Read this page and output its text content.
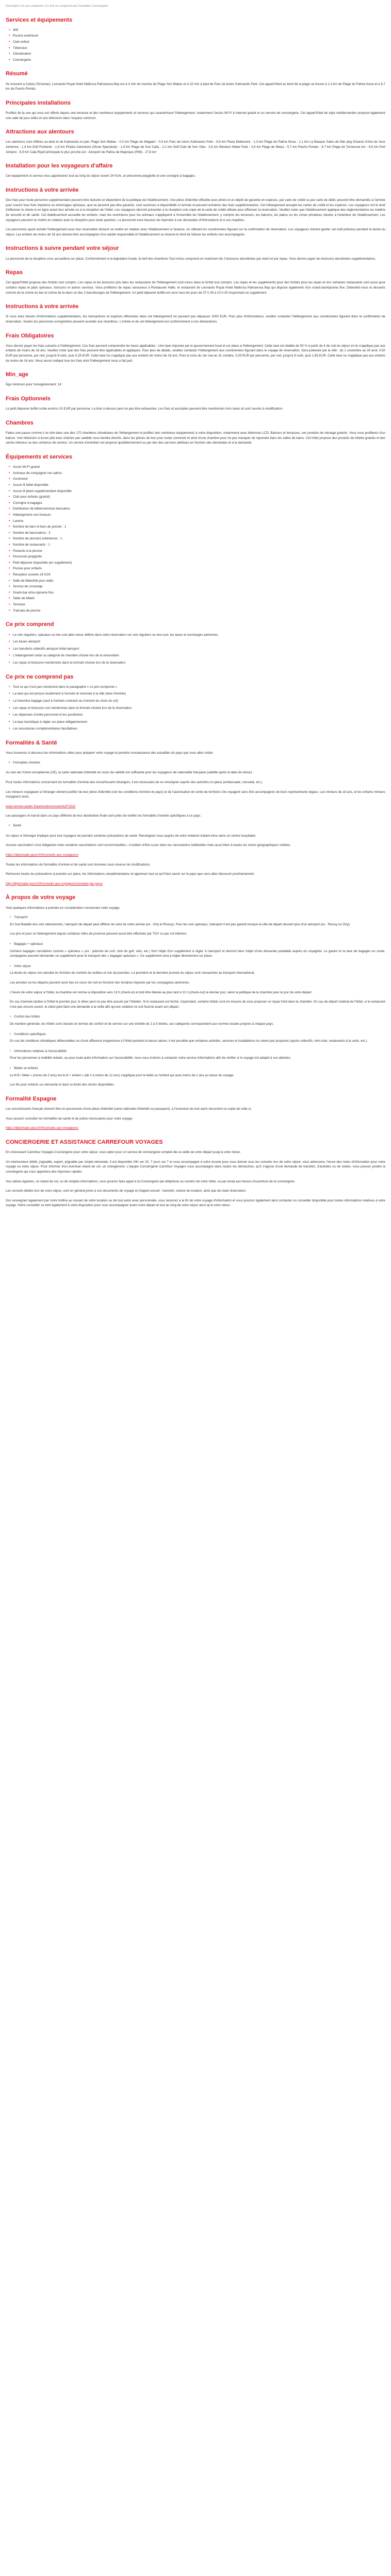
Description Ce prix comprend / Ce prix ne comprend pas Formalités Conciergerie
Services et équipements
• Wifi
• Piscine extérieure
• Club enfant
• Télévision
• Climatisation
• Conciergerie
Résumé

Se trouvant à Calvià (Terramar), Leonardo Royal Hotel Mallorca Palmanova Bay est à 3 min de marche de Plage Son Matias et à 15 min à pied de Parc de loisirs Katmandu Park. Cet appart'hôtel au bord de la plage se trouve à 1,3 km de Plage de Palma Nova et à 6,7 km de Puerto Portals.

Principales installations

Profitez de la vue qui vous est offerte depuis une terrasse et des nombreux équipements et services qui caractérisent l'hébergement, notamment l'accès Wi-Fi à Internet gratuit et un service de conciergerie. Cet appart'hôtel de style méditerranéen propose également une salle de jeux vidéo et une télévision dans l'espace commun.

Attractions aux alentours

Les alentours sont infiltrés au-delà et de Katmandu et parc Plage Son Matias - 0,2 km Plage de Magaluf - 0,4 km Parc de loisirs Katmandu Park - 0,8 km Plaza Mattessini - 1,3 km Plage de Palma Nova - 1,1 km La Bauque Sales de Mar play Estació d'Aire de Jeux Aérienne - 1,4 km Golf Poniente - 1,8 km Pirates Adventure (Show Spectacle) - 1,9 km Plage de Son Caliu - 2,1 km Golf Club de Son Vida - 2,6 km Western Water Park - 2,6 km Plage de Illetas - 5,7 km Puerto Portals - 6,7 km Plage de Torrenova km - 6,9 km Port Adriano - 6,9 km Cala Ripoll principale le plus proche est : Aéroport de Palma de Majorque (PMI) - 27,8 km

Installation pour les voyageurs d'affaire

Cet équipement et service vous apprécierez tout au long du séjour ouvert 24 h/24, un personnel polyglotte et une consigne à bagages.

Instructions à votre arrivée

Des frais pour toute personne supplémentaire peuvent être facturés et dépendent de la politique de l'établissement. Une pièce d'identité officielle avec photo et un dépôt de garantie en espèces, par carte de crédit ou par carte de débit, peuvent être demandés à l'arrivée pour couvrir tous frais imprévus ou dommages spéciaux, que ne peuvent pas être garantis, sont soumises à disponibilité à l'arrivée et peuvent entraîner des frais supplémentaires. Cet hébergement accepte les cartes de crédit et les espèces. Les voyageurs ont le droit d'effectuer le check-in en ligne avant leur arrivée ou à la réception de l'hôtel. Les voyageurs devront présenter à la réception une copie de la carte de crédit utilisée pour effectuer la réservation. Veuillez noter que l'établissement applique des réglementations en matière de sécurité et de santé. Cet établissement accueille les enfants, mais les restrictions pour les animaux s'appliquent à l'ensemble de l'établissement, y compris les terrasses, les balcons, les patios ou les zones privatives situées à l'extérieur de l'établissement. Les voyageurs peuvent se mettre en relation avec la réception pour toute question. Le personnel sera heureux de répondre à vos demandes d'informations et à vos requêtes.

Les personnes ayant acheté l'hébergement avec leur réservation doivent se mettre en relation avec l'établissement à l'avance, en utilisant les coordonnées figurant sur la confirmation de réservation. Les voyageurs doivent garder cet outil précieux pendant la durée du séjour. Les enfants de moins de 16 ans doivent être accompagnés d'un adulte responsable et l'établissement se réserve le droit de refuser les enfants non accompagnés.

Instructions à suivre pendant votre séjour

Le personnel de la réception vous accueillera sur place. Conformément à la législation locale, le tarif des chambres Tout inclus comprend un maximum de 2 boissons alcoolisées par client et par repas. Vous devrez payer les boissons alcoolisées supplémentaires.

Repas

Cet appart'hôtel propose des forfaits tout compris. Les repas et les boissons pris dans les restaurants de l'hébergement sont inclus dans le forfait tout compris. Les repas et les suppléments pour des forfaits pour les repas et lors certaines restaurants sont aussi pour certains repas et plats spéciaux, boissons et autres services. Vous profiterez de repas savoureux à Restaurant Halle, le restaurant de Leonardo Royal Hotel Mallorca Palmanova Bay qui dispose également d'un snack-bar/épicerie fine. Détendez-vous et desserts comme de la crème du bar et crème de la dans un des 2 bars/lounges de l'hébergement. Un petit déjeuner buffet est servi tous les jours de 07 h 30 à 10 h 30 moyennant un supplément.

Instructions à votre arrivée

Si vous avez besoin d'informations supplémentaires, les transactions et espèces effectuées dans cet hébergement ne peuvent pas dépasser 1000 EUR. Pour plus d'informations, veuillez contacter l'hébergement aux coordonnées figurant dans la confirmation de réservation. Seules les personnes enregistrées peuvent accéder aux chambres. L'entrée et de cet hébergement est conformément à nos déclarations.

Frais Obligatoires

Vous devrez payer les frais suivants à l'hébergement. Ces frais peuvent comprendre les taxes applicables : Une taxe imposée par le gouvernement local et sur place à l'hébergement. Cette taxe est établie de 50 % à partir de 4 de nuit du séjour et ne s'applique pas aux enfants de moins de 16 ans. Veuillez noter que des frais peuvent être applicables et appliqués. Pour plus de détails, veuillez contacter l'hébergement aux coordonnées figurant dans le voyage de réservation. Sera prélevée par la ville : du 1 novembre au 30 avril, 0,50 EUR par personne, par nuit, jusqu'à 9 nuits, puis 0,25 EUR. Cette taxe ne s'applique pas aux enfants de moins de 16 ans. Pour le mois du 1er mai au 31 octobre, 3,00 EUR par personne, par nuit, jusqu'à 9 nuits, puis 1,65 EUR. Cette taxe ne s'applique pas aux enfants de moins de 16 ans. Nous avons indiqué tous les frais dont l'hébergement nous a fait part.

Min_age

Âge minimum pour l'enregistrement: 18

Frais Optionnels

Le petit déjeuner buffet coûte environ 15 EUR par personne. La liste ci-dessus peut ne pas être exhaustive. Les frais et acomptes peuvent être mentionnés hors taxes et sont soumis à modification.

Chambres

Faites une pause comme il se doit dans une des 170 chambres climatisées de l'hébergement et profitez des nombreux équipements à votre disposition, notamment avec télévision LCD. Balcons et terrasses, vos produits de ménage gratuits. Vous vous profiterez d'un balcon. Une télévision à écran plat avec chaînes par satellite vous tiendra divertis, dans les pièces de leur pour rester connecté et ainsi d'une chambre pour ne pas manquer de répondre dans les salles de bains. Cet hôtel propose des produits de toilette gratuits et des sèche-cheveux ou des contenus de service. Un service d'entretien est proposé quotidiennement ou par des des services attribués en fonction des demandes et à la demande.

Équipements et services
• Accès Wi-Fi gratuit
• Animaux de compagnie non admis
• Ascenseur
• Aucun lit bébé disponible
• Aucun lit pliant supplémentaire disponible
• Club pour enfants (gratuit)
• Consigne à bagages
• Distributeur de billets/services bancaires
• Hébergement non-fumeurs
• Laverie
• Nombre de bars et bars de piscine : 1
• Nombre de bars/salons : 3
• Nombre de piscines extérieures : 1
• Nombre de restaurants : 1
• Parasols à la piscine
• Personnel polyglotte
• Petit déjeuner disponible (en supplément)
• Piscine pour enfants
• Réception ouverte 24 h/24
• Salle de billard/de jeux vidéo
• Service de concierge
• Snack-bar et/ou épicerie fine
• Table de billard
• Terrasse
• Transats de piscine
Ce prix comprend
• Le vols réguliers, spéciaux ou low cost aller-retour définis dans votre réservation sur vols réguliers ou low-cost, les taxes et surcharges aériennes.
• Les bases aéroport
• Les transferts collectifs aéroport-hôtel-aéroport
• L'hébergement selon la catégorie de chambre choisie lors de la réservation
• Les repas et boissons mentionnés dans la formule choisie lors de la réservation
Ce prix ne comprend pas
• Tout ce qui n'est pas mentionné dans le paragraphe « Le prix comprend »
• La taxe qui est perçue localement à l'arrivée et reversée à la ville (taxe d'entrée)
• La franchise bagage (sauf à mention contraire au moment du choix du vol)
• Les repas et boissons non mentionnés dans la formule choisie lors de la réservation
• Les dépenses d'ordre personnel et les pourboires
• La taxe touristique à régler sur place obligatoirement
• Les assurances complémentaires facultatives
Formalités & Santé

Vous trouverez ci-dessous les informations utiles pour préparer votre voyage et prendre connaissance des actualités du pays que vous allez visiter.

• Formalités d'entrée

Au sein de l'Union européenne (UE), la carte nationale d'identité en cours de validité est suffisante pour les voyageurs de nationalité française (validité après la date de retour).

Pour toutes informations concernant les formalités d'entrée des ressortissants étrangers, il est nécessaire de se renseigner auprès des autorités en place (ambassade, consulat, etc.).

Les mineurs voyageant à l'étranger doivent justifier de leur pièce d'identité (voir les conditions d'entrée du pays) et de l'autorisation de sortie de territoire s'ils voyagent sans être accompagnés de leurs représentants légaux. Les mineurs de 18 ans, et les enfants mineurs voyageant seuls.

www.service-public.fr/particuliers/vosdroits/F1922

Les passagers et transit dans un pays différent de leur destination finale sont priés de vérifier les formalités d'entrée spécifiques à ce pays.

• Santé

Un séjour à l'étranger implique pour tout voyageur de prendre certaines précautions de santé. Renseignez-vous auprès de votre médecin traitant et/ou dans un centre hospitalier.

Aucune vaccination n'est obligatoire mais certaines vaccinations sont recommandées ; n'oubliez d'être à jour dans les vaccinations habituelles mais aussi liées à toutes les zones géographiques visitées.

https://diplomatie.gouv.fr/fr/conseils-aux-voyageurs/

Toutes les informations de formalités d'entrée et de santé sont données sous réserve de modifications.

Retrouvez toutes les précautions à prendre sur place, les informations complémentaires et apprenez tout ce qu'il faut savoir sur le pays que vous allez découvrir prochainement.

http://diplomatie.gouv.fr/fr/conseils-aux-voyageurs/conseils-par-pays/

À propos de votre voyage

Voici quelques informations à prendre en considération concernant votre voyage.

• Transport

En Sud Bataille des vols sélectionnés, l'aéroport de départ peut différer de celui de votre arrivée (ex : Orly et Roissy). Pour les vols spéciaux, l'aéroport n'est pas garanti lorsque la ville de départ dessert plus d'un aéroport (ex : Roissy ou Orly).

Les prix et pour un hébergement depuis certaines villes de province peuvent aussi être effectués par TGV ou par vol intérieur.

• Bagages + spéciaux

Certains bagages considérés comme « spéciaux » (ex : planche de surf, club de golf, vélo, etc.) font l'objet d'un supplément à régler à l'aéroport et devront faire l'objet d'une demande préalable auprès du voyagiste. Le garant et la taxe de bagages en soute, compagnies peuvent demander un supplément pour le transport des « bagages spéciaux ». Ce supplément sera à régler directement sur place.

• Votre séjour

La durée du séjour est calculée en fonction du nombre de nuitées et non de journées. La première et la dernière journée du séjour sont consacrées au transport international.

Les arrivées ou les départs peuvent avoir lieu en cours de nuit en fonction des horaires imposés par les compagnies aériennes.

L'heure de votre séjour à l'hôtel, la chambre est remise à disposition vers 13 h (check-in) et doit être libérée au plus tard à 11 h (check-out) le dernier jour, selon la politique de la chambre pour le jour de votre départ.

En cas d'arrivée tardive à l'hôtel le premier jour, le dîner peut ne pas être assuré par l'hôtelier. Si le restaurant est fermé. Cependant, certains hôtels sont en mesure de vous proposer un repas froid dans la chambre. En cas de départ matinal de l'hôtel, si le restaurant n'est pas encore ouvert, le client peut faire une demande à la veille afin qu'une collation lui soit fournie avant son départ.

• Confort des hôtels

De manière générale, les hôtels sont classés en termes de confort et de service sur une échelle de 2 à 5 étoiles, ces catégories correspondent aux normes locales propres à chaque pays.

• Conditions spécifiques

En cas de conditions climatiques défavorables ou d'une affluence inopportune à l'hôtel pendant la basse saison, il est possible que certaines activités, services et installations ne soient pas proposés (sports collectifs, mini-club, restaurants à la carte, etc.).

• Informations relatives à l'accessibilité

Pour les personnes à mobilité réduite, ou pour toute autre information sur l'accessibilité, nous vous invitons à contacter notre service Informations afin de vérifier si le voyage est adapté à vos attentes.

• Bébés et enfants

Le lit B / bébé » (moins de 2 ans) est le lit + enfant » (de 2 à moins de 12 ans) s'applique pour le bébé ou l'enfant qui aura moins de 2 ans au retour du voyage.

Les lits pour enfants sur demande et dans la limite des stocks disponibles.

Formalité Espagne

Les ressortissants français doivent être en possession d'une pièce d'identité (carte nationale d'identité ou passeport), à l'exclusion de tout autre document ou copie de celle-ci.

Vous pouvez consulter les formalités de santé et de police nécessaires pour votre voyage :

https://diplomatie.gouv.fr/fr/conseils-aux-voyageurs/

CONCIERGERIE ET ASSISTANCE CARREFOUR VOYAGES

En choisissant Carrefour Voyages Conciergerie pour votre séjour, vous optez pour un service de conciergerie complet dès la veille de votre départ jusqu'à votre retour.

Un interlocuteur dédié, joignable, expert, joignable par simple demande. Il est disponible 24h sur 24, 7 jours sur 7 et vous accompagne à votre écoute pour vous donner tous les conseils lors de votre séjour, vous adressera, l'envoi des notes d'information pour votre voyage ou votre séjour. Pour informer d'un éventuel retard de vol, un changement. L'équipe Conciergerie Carrefour Voyages vous accompagne dans toutes les démarches, qu'il s'agisse d'une demande de transfert, d'activités ou de visites, vous pouvez joindre la conciergerie qui vous apportera des réponses rapides.

Vos valises égarées, un retard de vol, ou de simples informations, vous pourrez faire appel à la Conciergerie par téléphone au numéro de votre hôtel, ou par email aux heures d'ouverture de la conciergerie.

Les conseils dédiés lors de votre séjour, sont en général joints à vos documents de voyage et d'appel-conseil : transfert, voiture de location, ainsi que de toute réservation.

Vos renseignez également par notre hotline au suivant de votre location ou de tout autre avec personnelle, vous recevrez à la fin de votre voyage d'information et vous pourrez également ainsi contacter un conseiller disponible pour toutes informations relatives à votre voyage. Notre conseiller se tient également à votre disposition pour vous accompagner avant votre départ et tout au long de votre séjour ainsi qu'à votre retour.
